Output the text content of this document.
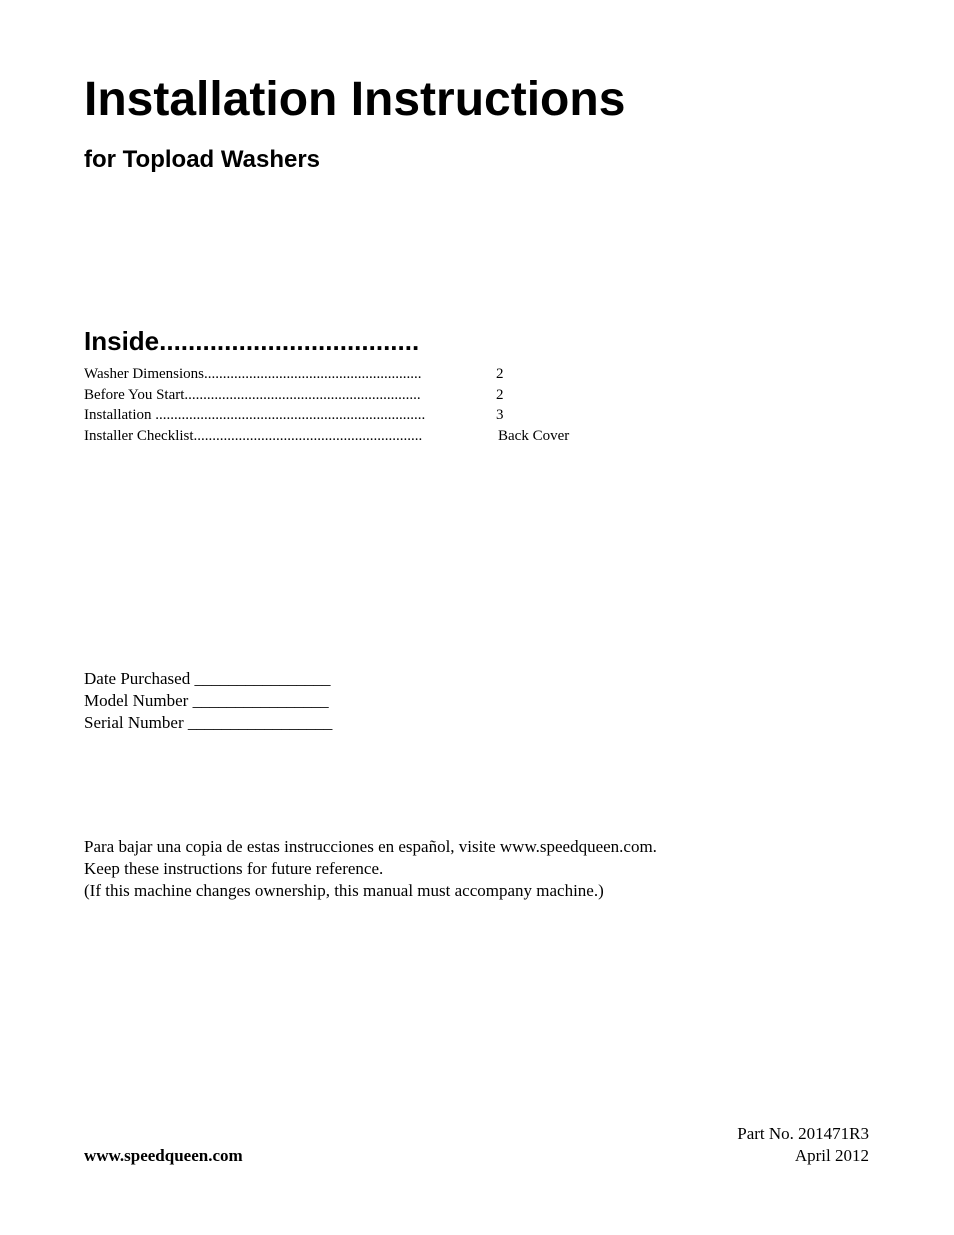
Installation Instructions
for Topload Washers
Inside....................................
Washer Dimensions..........................................................	2
Before You Start...............................................................	2
Installation ........................................................................	3
Installer Checklist.............................................................	Back Cover
Date Purchased ________________
Model Number ________________
Serial Number _________________
Para bajar una copia de estas instrucciones en español, visite www.speedqueen.com.
Keep these instructions for future reference.
(If this machine changes ownership, this manual must accompany machine.)
www.speedqueen.com
Part No. 201471R3
April 2012
